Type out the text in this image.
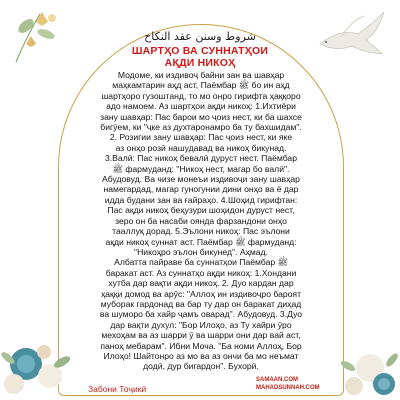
شروط وسنن عقد النكاح
ШАРТҲО ВА СУННАТҲОИ
АҚДИ НИКОҲ

Модоме, ки издивоҷ байни зан ва шавҳар

маҳкамтарин аҳд аст, Паёмбар ﷺ бо ин аҳд

шартҳоро гузоштанд, то мо онро гирифта ҳаққоро

адо намоем. Аз шартҳои ақди никоҳ: 1.Ихтиёри

зану шавҳар: Пас барои мо ҷоиз нест, ки ба шахсе

бигӯем, ки "ҷке аз духтаронамро ба ту бахшидам".

2. Розигии зану шавҳар: Пас ҷоиз нест, ки яке

аз онҳо розӣ нашудавад ва никоҳ бикунад.

3.Валӣ: Пас никоҳ бевалӣ дуруст нест. Паёмбар

ﷺ фармуданд: "Никоҳ нест, магар бо валӣ".

Абудовуд. Ва чизе монеъи издивоҷи зану шавҳар

намегардад, магар гуногунии дини онҳо ва ё дар

идда будани зан ва ғайраҳо. 4.Шоҳид гирифтан:

Пас ақди никоҳ беҳузури шоҳидон дуруст нест,

зеро он ба насаби оянда фарзандони онҳо

тааллуқ дорад. 5.Эълони никоҳ: Пас эълони

ақди никоҳ суннат аст. Паёмбар ﷺ фармуданд:

"Никоҳро эълон бикунед". Аҳмад.

Албатта пайраве ба суннатҳои Паёмбар ﷺ

баракат аст. Аз суннатҳо ақди никоҳ: 1.Хондани

хутба дар вақти ақди никоҳ. 2. Дуо кардан дар

ҳаққи домод ва арӯс: "Аллоҳ ин издивоҷро бароят

муборак гардонад ва бар ту дар он баракат диҳад

ва шуморо ба хайр ҷамъ оварад". Абудовуд. 3.Дуо

дар вақти духул: "Бор Илоҳо, аз Ту хайри ӯро

мехоҳам ва аз шарри ӯ ва шарри они дар вай аст,

паноҳ мебарам". Ибни Моча. "Ба номи Аллоҳ, Бор

Илоҳо! Шайтонро аз мо ва аз ончи ба мо неъмат

додӣ, дур бигардон". Бухорӣ.

Забони Тоҷикӣ
SAMAAN.COM
MAHADSUNNAH.COM
